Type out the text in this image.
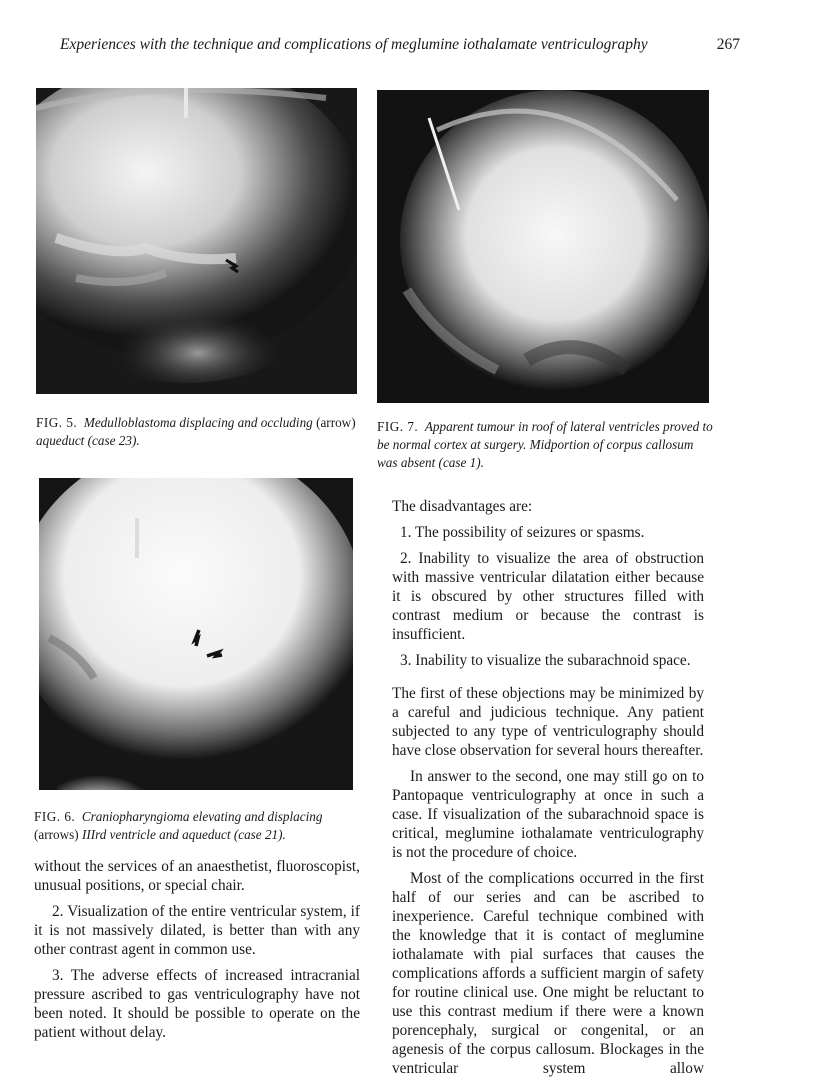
Experiences with the technique and complications of meglumine iothalamate ventriculography	267
FIG. 5. Medulloblastoma displacing and occluding (arrow) aqueduct (case 23).
FIG. 7. Apparent tumour in roof of lateral ventricles proved to be normal cortex at surgery. Midportion of corpus callosum was absent (case 1).
FIG. 6. Craniopharyngioma elevating and displacing (arrows) IIIrd ventricle and aqueduct (case 21).

without the services of an anaesthetist, fluoroscopist, unusual positions, or special chair.

2. Visualization of the entire ventricular system, if it is not massively dilated, is better than with any other contrast agent in common use.

3. The adverse effects of increased intracranial pressure ascribed to gas ventriculography have not been noted. It should be possible to operate on the patient without delay.

The disadvantages are:

1. The possibility of seizures or spasms.

2. Inability to visualize the area of obstruction with massive ventricular dilatation either because it is obscured by other structures filled with contrast medium or because the contrast is insufficient.

3. Inability to visualize the subarachnoid space.

The first of these objections may be minimized by a careful and judicious technique. Any patient subjected to any type of ventriculography should have close observation for several hours thereafter.

In answer to the second, one may still go on to Pantopaque ventriculography at once in such a case. If visualization of the subarachnoid space is critical, meglumine iothalamate ventriculography is not the procedure of choice.

Most of the complications occurred in the first half of our series and can be ascribed to inexperience. Careful technique combined with the knowledge that it is contact of meglumine iothalamate with pial surfaces that causes the complications affords a sufficient margin of safety for routine clinical use. One might be reluctant to use this contrast medium if there were a known porencephaly, surgical or congenital, or an agenesis of the corpus callosum. Blockages in the ventricular system allow
